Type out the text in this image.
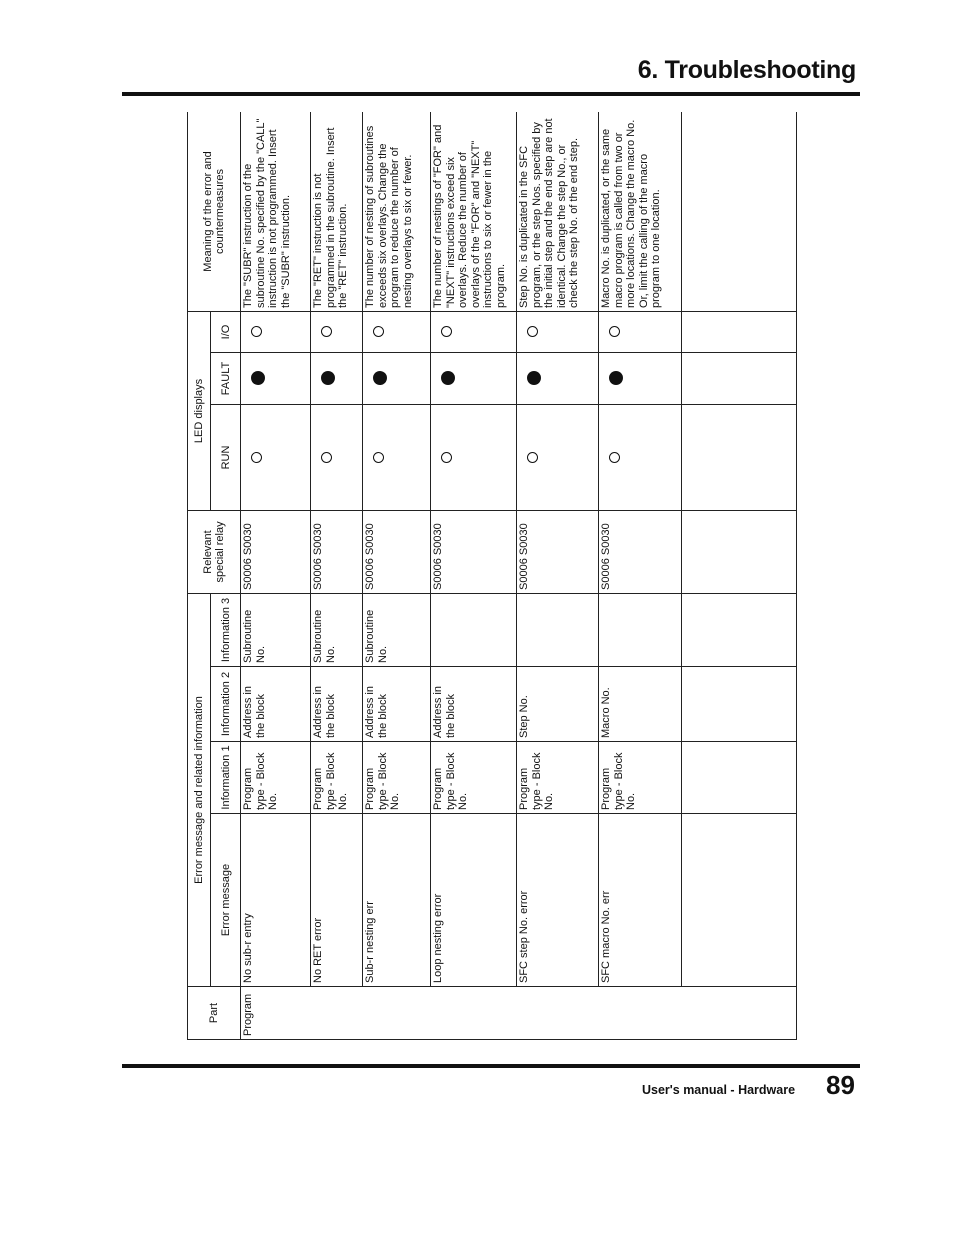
6. Troubleshooting
Part	Error message and related information				Relevant special relay	LED displays			Meaning of the error and countermeasures
	Error message	Information 1	Information 2	Information 3		RUN	FAULT	I/O	
Program	No sub-r entry	Program type - Block No.	Address in the block	Subroutine No.	S0006 S0030				The "SUBR" instruction of the subroutine No. specified by the "CALL" instruction is not programmed. Insert the "SUBR" instruction.
	No RET error	Program type - Block No.	Address in the block	Subroutine No.	S0006 S0030				The "RET" instruction is not programmed in the subroutine. Insert the "RET" instruction.
	Sub-r nesting err	Program type - Block No.	Address in the block	Subroutine No.	S0006 S0030				The number of nesting of subroutines exceeds six overlays. Change the program to reduce the number of nesting overlays to six or fewer.
	Loop nesting error	Program type - Block No.	Address in the block		S0006 S0030				The number of nestings of "FOR" and "NEXT" instructions exceed six overlays. Reduce the number of overlays of the "FOR" and "NEXT" instructions to six or fewer in the program.
	SFC step No. error	Program type - Block No.	Step No.		S0006 S0030				Step No. is duplicated in the SFC program, or the step Nos. specified by the initial step and the end step are not identical. Change the step No., or check the step No. of the end step.
	SFC macro No. err	Program type - Block No.	Macro No.		S0006 S0030				Macro No. is duplicated, or the same macro program is called from two or more locations. Change the macro No. Or, limit the calling of the macro program to one location.

User's manual - Hardware 89
